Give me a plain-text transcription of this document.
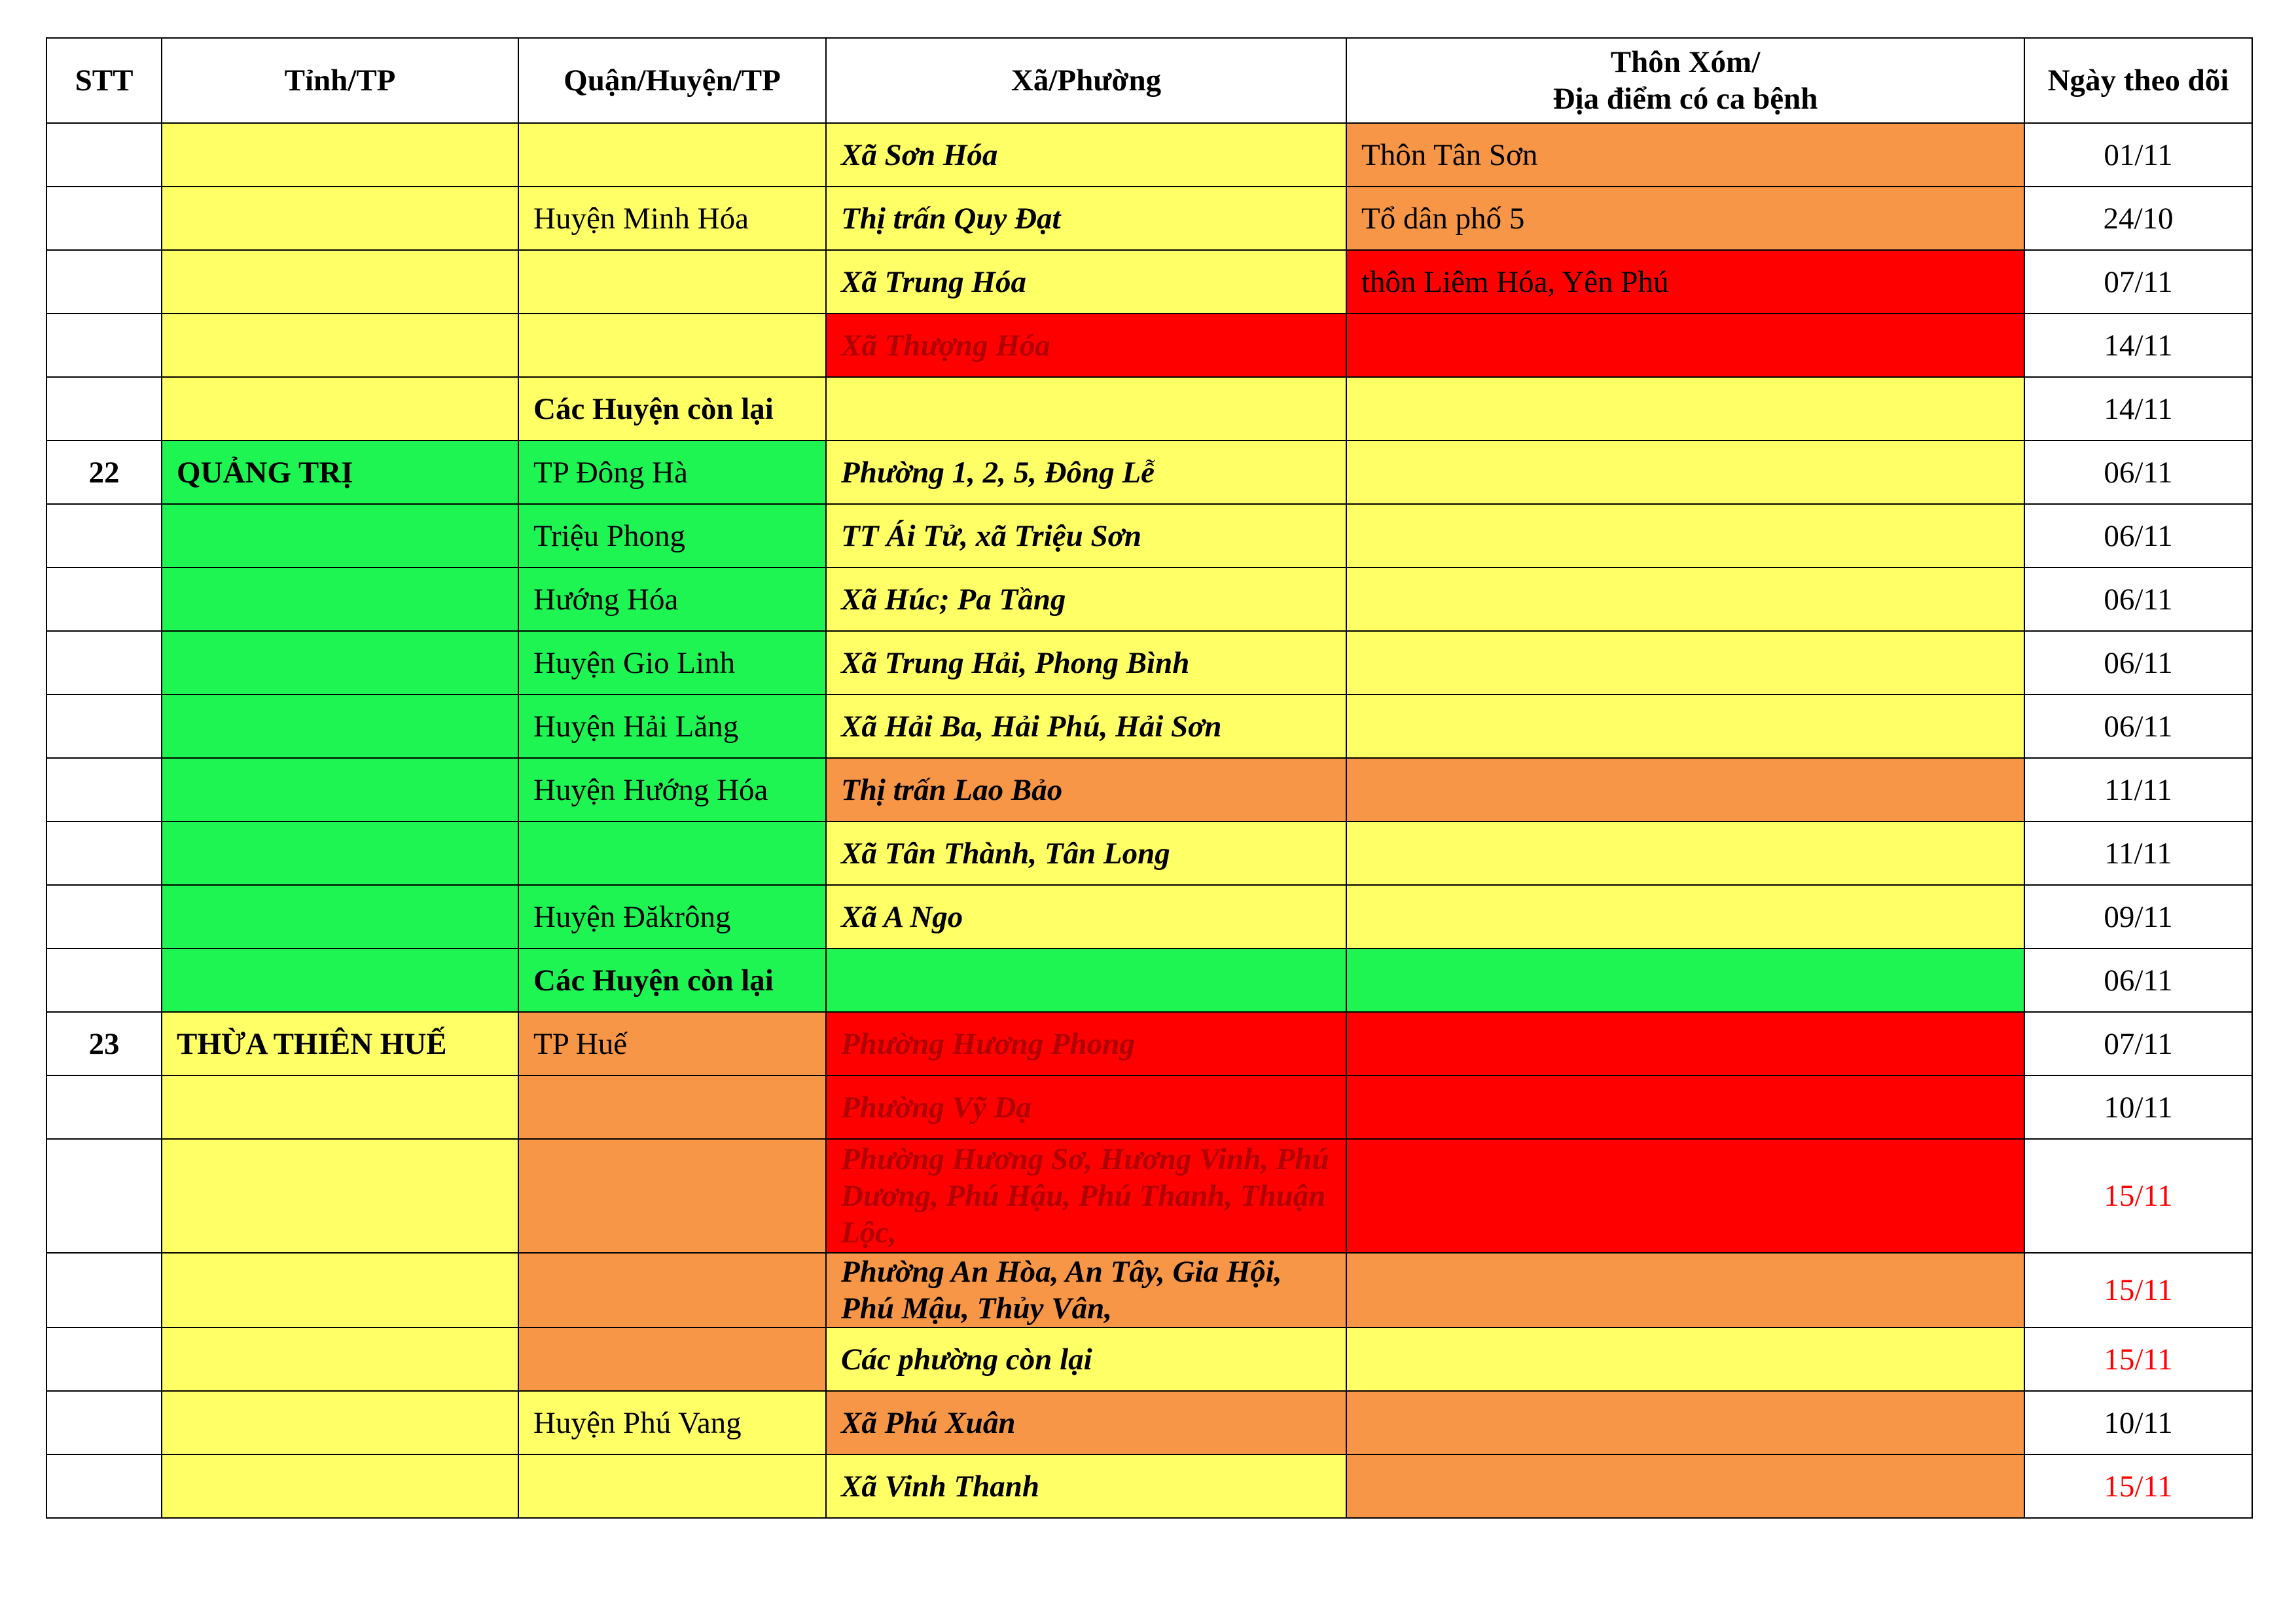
STT	Tỉnh/TP	Quận/Huyện/TP	Xã/Phường	Thôn Xóm/
Địa điểm có ca bệnh	Ngày theo dõi
			Xã Sơn Hóa	Thôn Tân Sơn	01/11
		Huyện Minh Hóa	Thị trấn Quy Đạt	Tổ dân phố 5	24/10
			Xã Trung Hóa	thôn Liêm Hóa, Yên Phú	07/11
			Xã Thượng Hóa		14/11
		Các Huyện còn lại			14/11
22	QUẢNG TRỊ	TP Đông Hà	Phường 1, 2, 5, Đông Lễ		06/11
		Triệu Phong	TT Ái Tử, xã Triệu Sơn		06/11
		Hướng Hóa	Xã Húc; Pa Tầng		06/11
		Huyện Gio Linh	Xã Trung Hải, Phong Bình		06/11
		Huyện Hải Lăng	Xã Hải Ba, Hải Phú, Hải Sơn		06/11
		Huyện Hướng Hóa	Thị trấn Lao Bảo		11/11
			Xã Tân Thành, Tân Long		11/11
		Huyện Đăkrông	Xã A Ngo		09/11
		Các Huyện còn lại			06/11
23	THỪA THIÊN HUẾ	TP Huế	Phường Hương Phong		07/11
			Phường Vỹ Dạ		10/11
			Phường Hương Sơ, Hương Vinh, Phú Dương, Phú Hậu, Phú Thanh, Thuận Lộc,		15/11
			Phường An Hòa, An Tây, Gia Hội, Phú Mậu, Thủy Vân,		15/11
			Các phường còn lại		15/11
		Huyện Phú Vang	Xã Phú Xuân		10/11
			Xã Vinh Thanh		15/11
